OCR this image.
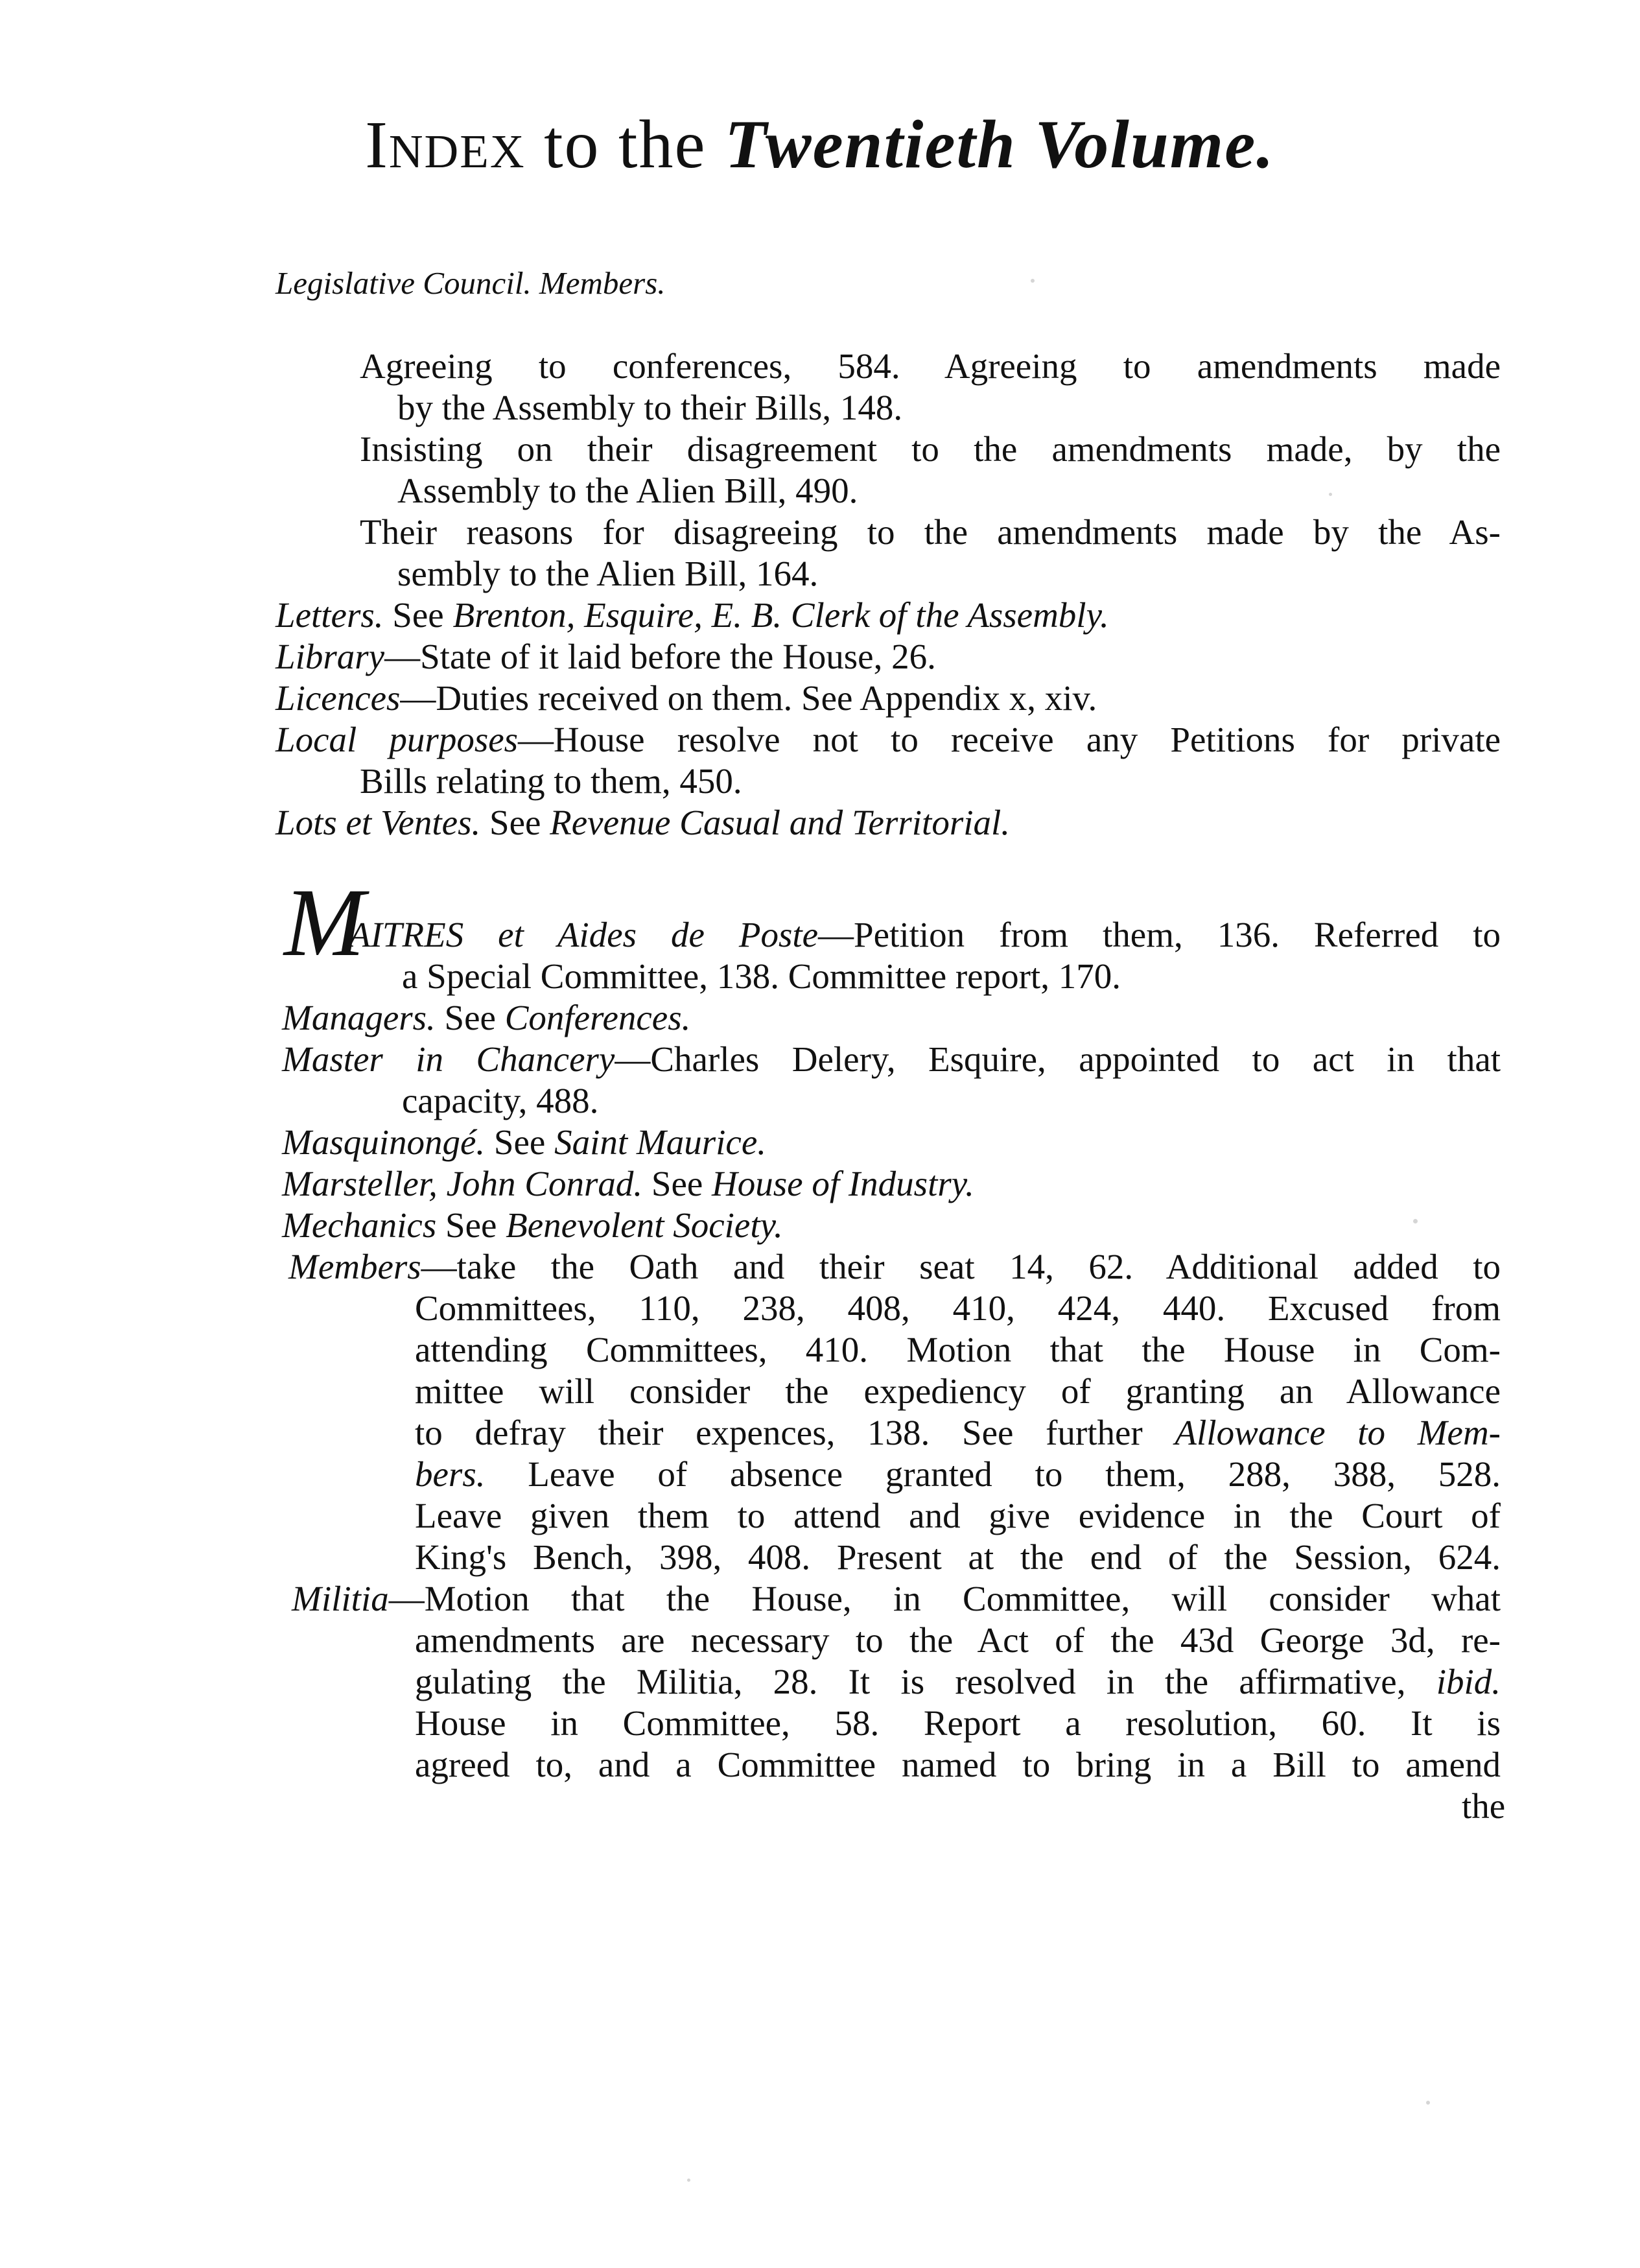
Index to the Twentieth Volume.
Legislative Council. Members.
Agreeing to conferences, 584. Agreeing to amendments made
by the Assembly to their Bills, 148.
Insisting on their disagreement to the amendments made, by the
Assembly to the Alien Bill, 490.
Their reasons for disagreeing to the amendments made by the As-
sembly to the Alien Bill, 164.
Letters. See Brenton, Esquire, E. B. Clerk of the Assembly.
Library—State of it laid before the House, 26.
Licences—Duties received on them. See Appendix x, xiv.
Local purposes—House resolve not to receive any Petitions for private
Bills relating to them, 450.
Lots et Ventes. See Revenue Casual and Territorial.
M
AITRES et Aides de Poste—Petition from them, 136. Referred to
a Special Committee, 138. Committee report, 170.
Managers. See Conferences.
Master in Chancery—Charles Delery, Esquire, appointed to act in that
capacity, 488.
Masquinongé. See Saint Maurice.
Marsteller, John Conrad. See House of Industry.
Mechanics See Benevolent Society.
Members—take the Oath and their seat 14, 62. Additional added to
Committees, 110, 238, 408, 410, 424, 440. Excused from
attending Committees, 410. Motion that the House in Com-
mittee will consider the expediency of granting an Allowance
to defray their expences, 138. See further Allowance to Mem-
bers. Leave of absence granted to them, 288, 388, 528.
Leave given them to attend and give evidence in the Court of
King's Bench, 398, 408. Present at the end of the Session, 624.
Militia—Motion that the House, in Committee, will consider what
amendments are necessary to the Act of the 43d George 3d, re-
gulating the Militia, 28. It is resolved in the affirmative, ibid.
House in Committee, 58. Report a resolution, 60. It is
agreed to, and a Committee named to bring in a Bill to amend
the
